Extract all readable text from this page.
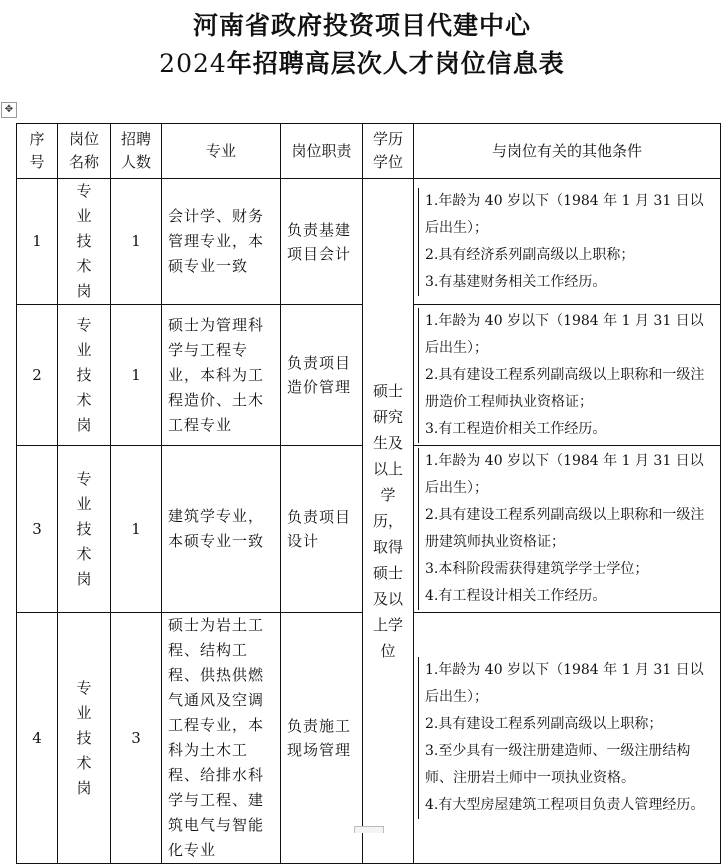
河南省政府投资项目代建中心
2024年招聘高层次人才岗位信息表
✥
序号	岗位名称	招聘人数	专业	岗位职责	学历学位	与岗位有关的其他条件
1	专业技术岗	1	会计学、财务管理专业，本硕专业一致	负责基建项目会计	硕士研究生及以上学历，取得硕士及以上学位	1.年龄为 40 岁以下（1984 年 1 月 31 日以后出生）；
2.具有经济系列副高级以上职称；
3.有基建财务相关工作经历。

2	专业技术岗	1	硕士为管理科学与工程专业，本科为工程造价、土木工程专业	负责项目造价管理		1.年龄为 40 岁以下（1984 年 1 月 31 日以后出生）；
2.具有建设工程系列副高级以上职称和一级注册造价工程师执业资格证；
3.有工程造价相关工作经历。

3	专业技术岗	1	建筑学专业，本硕专业一致	负责项目设计		1.年龄为 40 岁以下（1984 年 1 月 31 日以后出生）；
2.具有建设工程系列副高级以上职称和一级注册建筑师执业资格证；
3.本科阶段需获得建筑学学士学位；
4.有工程设计相关工作经历。

4	专业技术岗	3	硕士为岩土工程、结构工程、供热供燃气通风及空调工程专业，本科为土木工程、给排水科学与工程、建筑电气与智能化专业	负责施工现场管理		1.年龄为 40 岁以下（1984 年 1 月 31 日以后出生）；
2.具有建设工程系列副高级以上职称；
3.至少具有一级注册建造师、一级注册结构师、注册岩土师中一项执业资格。
4.有大型房屋建筑工程项目负责人管理经历。
